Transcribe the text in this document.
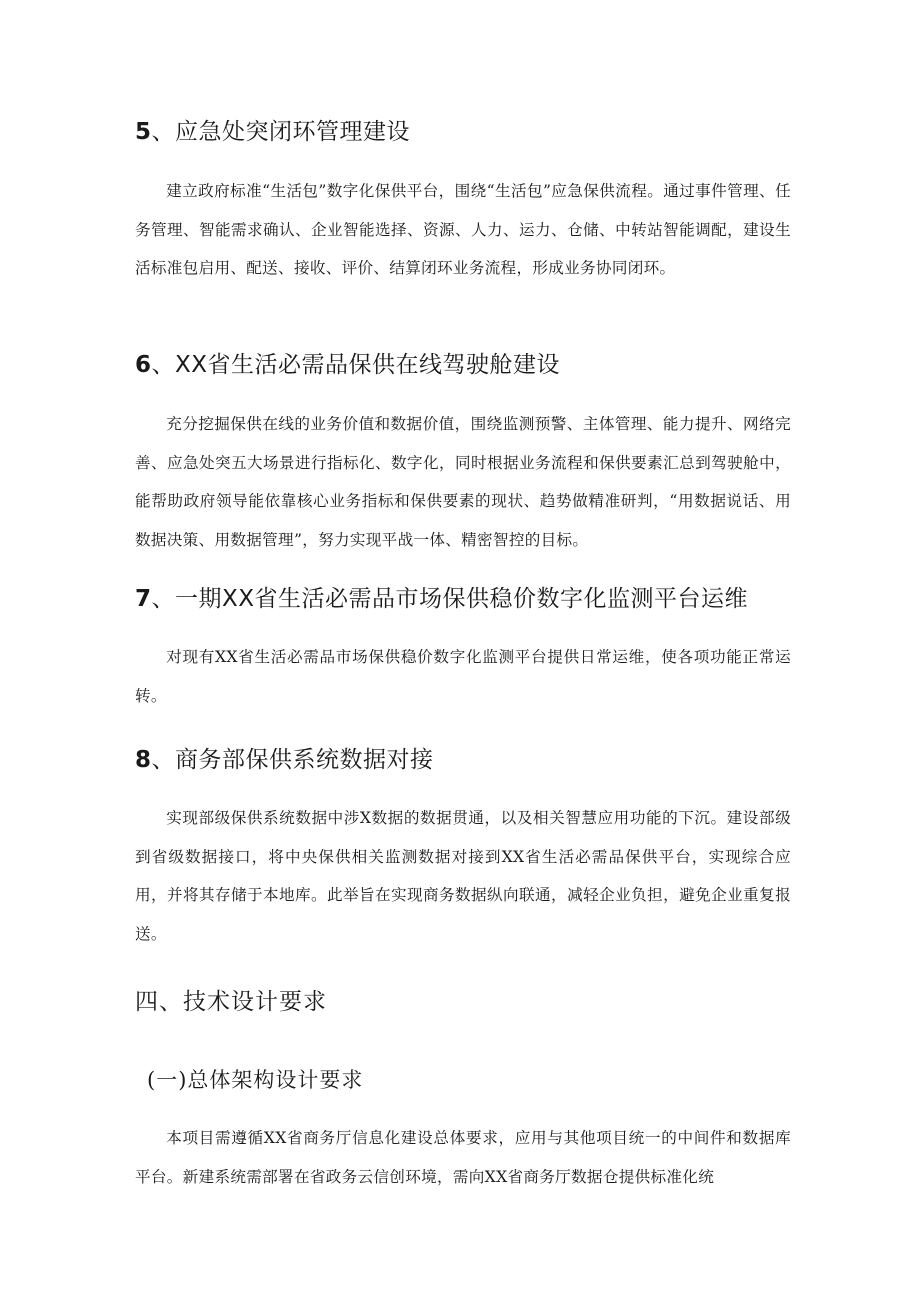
5、应急处突闭环管理建设

建立政府标准“生活包”数字化保供平台，围绕“生活包”应急保供流程。通过事件管理、任务管理、智能需求确认、企业智能选择、资源、人力、运力、仓储、中转站智能调配，建设生活标准包启用、配送、接收、评价、结算闭环业务流程，形成业务协同闭环。

6、XX省生活必需品保供在线驾驶舱建设

充分挖掘保供在线的业务价值和数据价值，围绕监测预警、主体管理、能力提升、网络完善、应急处突五大场景进行指标化、数字化，同时根据业务流程和保供要素汇总到驾驶舱中，能帮助政府领导能依靠核心业务指标和保供要素的现状、趋势做精准研判，“用数据说话、用数据决策、用数据管理”，努力实现平战一体、精密智控的目标。

7、一期XX省生活必需品市场保供稳价数字化监测平台运维

对现有XX省生活必需品市场保供稳价数字化监测平台提供日常运维，使各项功能正常运转。

8、商务部保供系统数据对接

实现部级保供系统数据中涉X数据的数据贯通，以及相关智慧应用功能的下沉。建设部级到省级数据接口，将中央保供相关监测数据对接到XX省生活必需品保供平台，实现综合应用，并将其存储于本地库。此举旨在实现商务数据纵向联通，减轻企业负担，避免企业重复报送。

四、技术设计要求
(一)总体架构设计要求

本项目需遵循XX省商务厅信息化建设总体要求，应用与其他项目统一的中间件和数据库平台。新建系统需部署在省政务云信创环境，需向XX省商务厅数据仓提供标准化统
